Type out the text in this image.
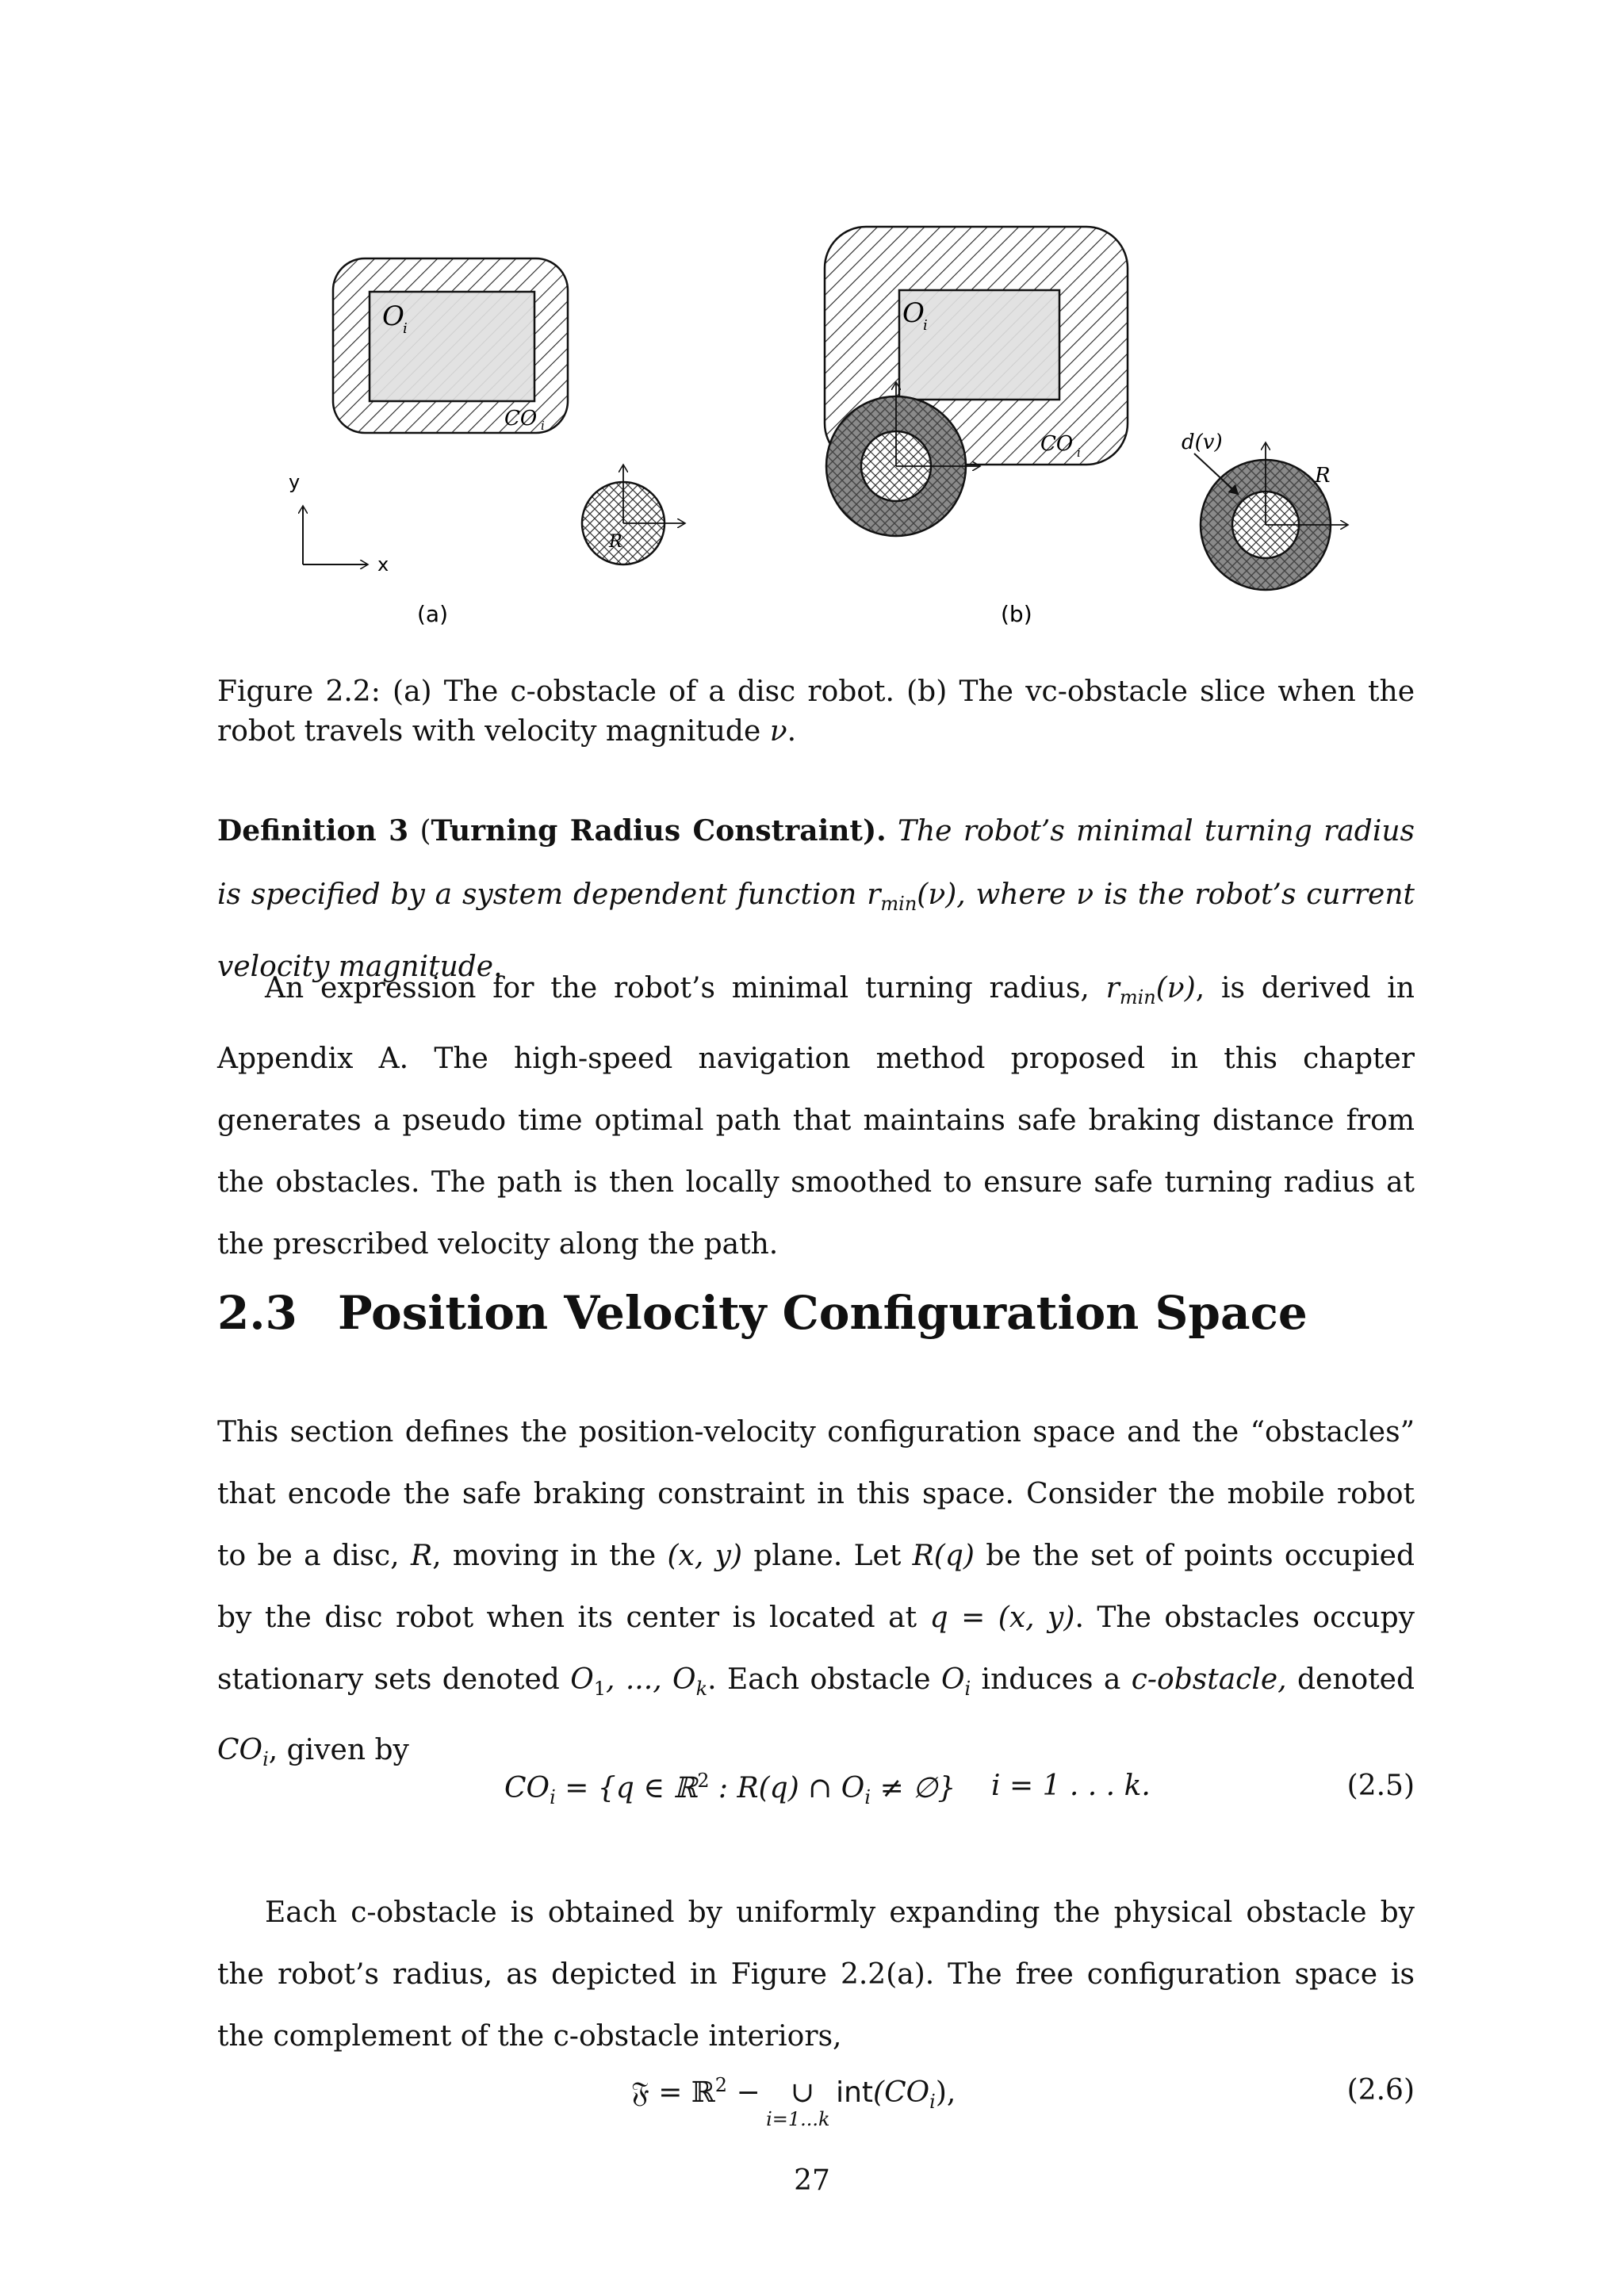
O
i
CO i
R
y
x
(a)
O
i
CO i	d(v)
R
(b)
Figure 2.2: (a) The c-obstacle of a disc robot. (b) The vc-obstacle slice when the robot travels with velocity magnitude ν.
Definition 3 (Turning Radius Constraint). The robot’s minimal turning radius is specified by a system dependent function $r_{min}(\nu)$, where ν is the robot’s current velocity magnitude.
An expression for the robot’s minimal turning radius, $r_{min}(\nu)$, is derived in Appendix A. The high-speed navigation method proposed in this chapter generates a pseudo time optimal path that maintains safe braking distance from the obstacles. The path is then locally smoothed to ensure safe turning radius at the prescribed velocity along the path.
2.3 Position Velocity Configuration Space
This section defines the position-velocity configuration space and the “obstacles” that encode the safe braking constraint in this space. Consider the mobile robot to be a disc, R, moving in the (x, y) plane. Let R(q) be the set of points occupied by the disc robot when its center is located at q = (x, y). The obstacles occupy stationary sets denoted $O_1$, ..., $O_k$. Each obstacle $O_i$ induces a c-obstacle, denoted $CO_i$, given by
$CO_i = \{q$ ∈ ℝ$^2$ : R(q) ∩ $O_i$ ≠ ∅} i = 1 . . . k.	(2.5)
Each c-obstacle is obtained by uniformly expanding the physical obstacle by the robot’s radius, as depicted in Figure 2.2(a). The free configuration space is the complement of the c-obstacle interiors,
𝔉 = ℝ$^2$ − ∪
i=1...k
$int(CO_i)$,	(2.6)
27
